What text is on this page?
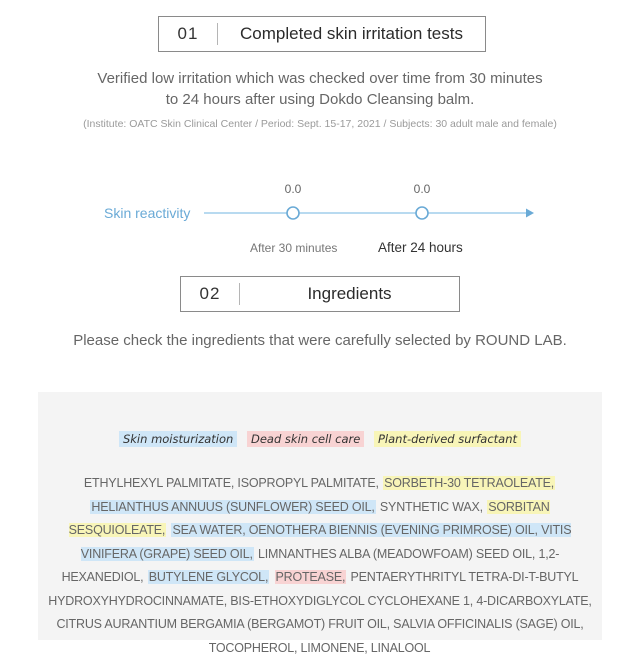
01	Completed skin irritation tests
Verified low irritation which was checked over time from 30 minutes
to 24 hours after using Dokdo Cleansing balm.
(Institute: OATC Skin Clinical Center / Period: Sept. 15-17, 2021 / Subjects: 30 adult male and female)
Skin reactivity
0.0	0.0
After 30 minutes	After 24 hours
02	Ingredients
Please check the ingredients that were carefully selected by ROUND LAB.
Skin moisturization Dead skin cell care Plant-derived surfactant
ETHYLHEXYL PALMITATE, ISOPROPYL PALMITATE, SORBETH-30 TETRAOLEATE, HELIANTHUS ANNUUS (SUNFLOWER) SEED OIL, SYNTHETIC WAX, SORBITAN SESQUIOLEATE, SEA WATER, OENOTHERA BIENNIS (EVENING PRIMROSE) OIL, VITIS VINIFERA (GRAPE) SEED OIL, LIMNANTHES ALBA (MEADOWFOAM) SEED OIL, 1,2-HEXANEDIOL, BUTYLENE GLYCOL, PROTEASE, PENTAERYTHRITYL TETRA-DI-T-BUTYL HYDROXYHYDROCINNAMATE, BIS-ETHOXYDIGLYCOL CYCLOHEXANE 1, 4-DICARBOXYLATE, CITRUS AURANTIUM BERGAMIA (BERGAMOT) FRUIT OIL, SALVIA OFFICINALIS (SAGE) OIL, TOCOPHEROL, LIMONENE, LINALOOL
